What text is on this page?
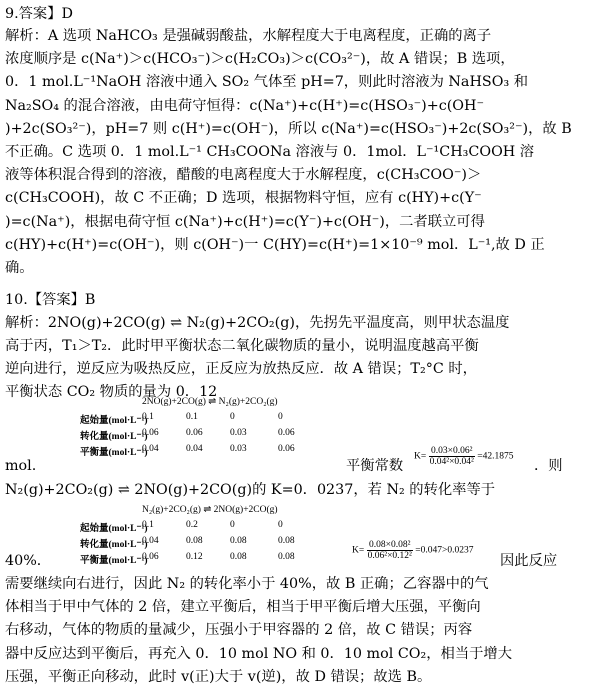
9.答案】D
解析：A 选项 NaHCO₃ 是强碱弱酸盐，水解程度大于电离程度，正确的离子
浓度顺序是 c(Na⁺)＞c(HCO₃⁻)＞c(H₂CO₃)＞c(CO₃²⁻)，故 A 错误；B 选项，
0．1 mol.L⁻¹NaOH 溶液中通入 SO₂ 气体至 pH=7，则此时溶液为 NaHSO₃ 和
Na₂SO₄ 的混合溶液，由电荷守恒得：c(Na⁺)+c(H⁺)=c(HSO₃⁻)+c(OH⁻
)+2c(SO₃²⁻)，pH=7 则 c(H⁺)=c(OH⁻)，所以 c(Na⁺)=c(HSO₃⁻)+2c(SO₃²⁻)，故 B
不正确。C 选项 0．1 mol.L⁻¹ CH₃COONa 溶液与 0．1mol．L⁻¹CH₃COOH 溶
液等体积混合得到的溶液，醋酸的电离程度大于水解程度，c(CH₃COO⁻)＞
c(CH₃COOH)，故 C 不正确；D 选项，根据物料守恒，应有 c(HY)+c(Y⁻
)=c(Na⁺)，根据电荷守恒 c(Na⁺)+c(H⁺)=c(Y⁻)+c(OH⁻)，二者联立可得
c(HY)+c(H⁺)=c(OH⁻)，则 c(OH⁻)一 C(HY)=c(H⁺)=1×10⁻⁹ mol．L⁻¹,故 D 正
确。
10.【答案】B
解析：2NO(g)+2CO(g) ⇌ N₂(g)+2CO₂(g)，先拐先平温度高，则甲状态温度
高于丙，T₁＞T₂．此时甲平衡状态二氧化碳物质的量小，说明温度越高平衡
逆向进行，逆反应为吸热反应，正反应为放热反应．故 A 错误；T₂°C 时，
平衡状态 CO₂ 物质的量为 0．12
2NO(g)+2CO(g) ⇌ N₂(g)+2CO₂(g)
起始量(mol·L⁻¹)
0.1	0.1	0	0
转化量(mol·L⁻¹)
0.06	0.06	0.03	0.06
平衡量(mol·L⁻¹)
0.04	0.04	0.03	0.06
mol.	平衡常数
$K= \frac{\text{0.03×0.06²}}{\text{0.04²×0.04²}} =42.1875$
．则
N₂(g)+2CO₂(g) ⇌ 2NO(g)+2CO(g)的 K=0．0237，若 N₂ 的转化率等于
N₂(g)+2CO₂(g) ⇌ 2NO(g)+2CO(g)
起始量(mol·L⁻¹)
0.1	0.2	0	0
转化量(mol·L⁻¹)
0.04	0.08	0.08	0.08
平衡量(mol·L⁻¹)
0.06	0.12	0.08	0.08
40%．
$K= \frac{\text{0.08×0.08²}}{\text{0.06²×0.12²}} =0.047>0.0237$
因此反应
需要继续向右进行，因此 N₂ 的转化率小于 40%，故 B 正确；乙容器中的气
体相当于甲中气体的 2 倍，建立平衡后，相当于甲平衡后增大压强，平衡向
右移动，气体的物质的量减少，压强小于甲容器的 2 倍，故 C 错误；丙容
器中反应达到平衡后，再充入 0．10 mol NO 和 0．10 mol CO₂，相当于增大
压强，平衡正向移动，此时 v(正)大于 v(逆)，故 D 错误；故选 B。
